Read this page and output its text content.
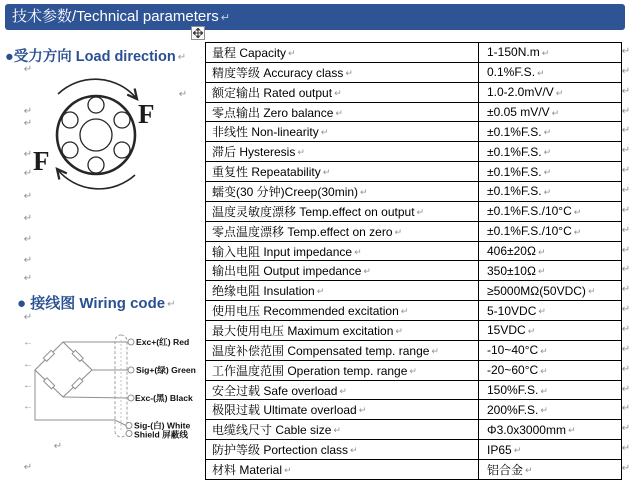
技术参数/Technical parameters ↵
●受力方向 Load direction ↵
F
F
● 接线图 Wiring code ↵
Exc+(红) Red
Sig+(绿) Green
Exc-(黑) Black
Sig-(白) White
Shield 屏蔽线
量程 Capacity ↵	1-150N.m ↵
精度等级 Accuracy class ↵	0.1%F.S. ↵
额定输出 Rated output ↵	1.0-2.0mV/V ↵
零点输出 Zero balance ↵	±0.05 mV/V ↵
非线性 Non-linearity ↵	±0.1%F.S. ↵
滞后 Hysteresis ↵	±0.1%F.S. ↵
重复性 Repeatability ↵	±0.1%F.S. ↵
蠕变(30 分钟)Creep(30min) ↵	±0.1%F.S. ↵
温度灵敏度漂移 Temp.effect on output ↵	±0.1%F.S./10°C ↵
零点温度漂移 Temp.effect on zero ↵	±0.1%F.S./10°C ↵
输入电阻 Input impedance ↵	406±20Ω ↵
输出电阻 Output impedance ↵	350±10Ω ↵
绝缘电阻 Insulation ↵	≥5000MΩ(50VDC) ↵
使用电压 Recommended excitation ↵	5-10VDC ↵
最大使用电压 Maximum excitation ↵	15VDC ↵
温度补偿范围 Compensated temp. range ↵	-10~40°C ↵
工作温度范围 Operation temp. range ↵	-20~60°C ↵
安全过载 Safe overload ↵	150%F.S. ↵
极限过载 Ultimate overload ↵	200%F.S. ↵
电缆线尺寸 Cable size ↵	Φ3.0x3000mm ↵
防护等级 Portection class ↵	IP65 ↵
材料 Material ↵	铝合金 ↵
↵
↵
↵
↵
↵
↵
↵
↵
↵
↵
↵
↵
↵
↵
↵
↵
↵
↵
↵
↵
↵
↵
↵
↵
↵
↵
↵
↵
↵
↵
↵
↵
↵
↵
←
←
←
←
↵
↵
